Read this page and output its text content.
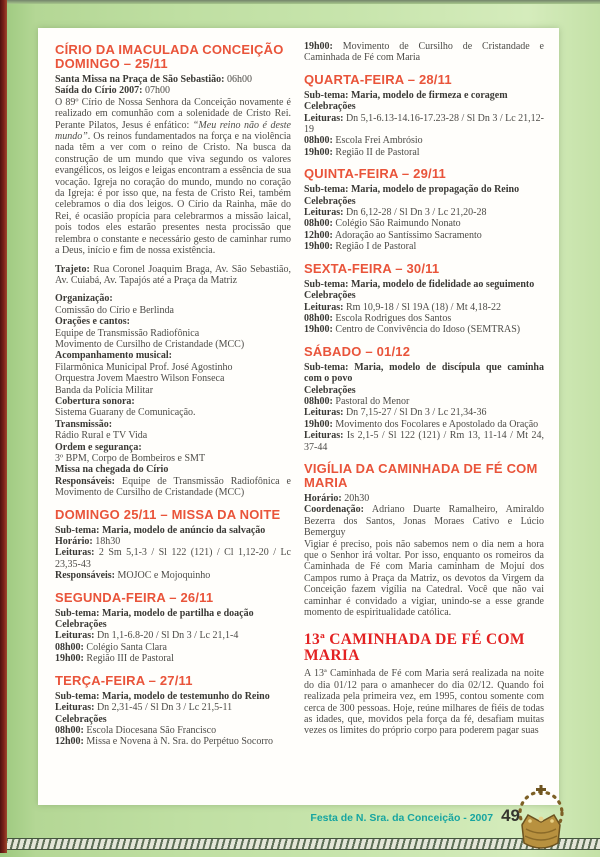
CÍRIO DA IMACULADA CONCEIÇÃO
DOMINGO – 25/11

Santa Missa na Praça de São Sebastião: 06h00

Saída do Círio 2007: 07h00

O 89º Círio de Nossa Senhora da Conceição novamente é realizado em comunhão com a solenidade de Cristo Rei. Perante Pilatos, Jesus é enfático: “Meu reino não é deste mundo”. Os reinos fundamentados na força e na violência nada têm a ver com o reino de Cristo. Na busca da construção de um mundo que viva segundo os valores evangélicos, os leigos e leigas encontram a essência de sua vocação. Igreja no coração do mundo, mundo no coração da Igreja: é por isso que, na festa de Cristo Rei, também celebramos o dia dos leigos. O Círio da Rainha, mãe do Rei, é ocasião propícia para celebrarmos a missão laical, pois todos eles estarão presentes nesta procissão que relembra o constante e necessário gesto de caminhar rumo a Deus, início e fim de nossa existência.

Trajeto: Rua Coronel Joaquim Braga, Av. São Sebastião, Av. Cuiabá, Av. Tapajós até a Praça da Matriz

Organização:

Comissão do Círio e Berlinda

Orações e cantos:

Equipe de Transmissão Radiofônica

Movimento de Cursilho de Cristandade (MCC)

Acompanhamento musical:

Filarmônica Municipal Prof. José Agostinho

Orquestra Jovem Maestro Wilson Fonseca

Banda da Polícia Militar

Cobertura sonora:

Sistema Guarany de Comunicação.

Transmissão:

Rádio Rural e TV Vida

Ordem e segurança:

3º BPM, Corpo de Bombeiros e SMT

Missa na chegada do Círio

Responsáveis: Equipe de Transmissão Radiofônica e Movimento de Cursilho de Cristandade (MCC)

DOMINGO 25/11 – MISSA DA NOITE

Sub-tema: Maria, modelo de anúncio da salvação

Horário: 18h30

Leituras: 2 Sm 5,1-3 / Sl 122 (121) / Cl 1,12-20 / Lc 23,35-43

Responsáveis: MOJOC e Mojoquinho

SEGUNDA-FEIRA – 26/11

Sub-tema: Maria, modelo de partilha e doação

Celebrações

Leituras: Dn 1,1-6.8-20 / Sl Dn 3 / Lc 21,1-4

08h00: Colégio Santa Clara

19h00: Região III de Pastoral

TERÇA-FEIRA – 27/11

Sub-tema: Maria, modelo de testemunho do Reino

Leituras: Dn 2,31-45 / Sl Dn 3 / Lc 21,5-11

Celebrações

08h00: Escola Diocesana São Francisco

12h00: Missa e Novena à N. Sra. do Perpétuo Socorro

19h00: Movimento de Cursilho de Cristandade e Caminhada de Fé com Maria

QUARTA-FEIRA – 28/11

Sub-tema: Maria, modelo de firmeza e coragem

Celebrações

Leituras: Dn 5,1-6.13-14.16-17.23-28 / Sl Dn 3 / Lc 21,12-19

08h00: Escola Frei Ambrósio

19h00: Região II de Pastoral

QUINTA-FEIRA – 29/11

Sub-tema: Maria, modelo de propagação do Reino

Celebrações

Leituras: Dn 6,12-28 / Sl Dn 3 / Lc 21,20-28

08h00: Colégio São Raimundo Nonato

12h00: Adoração ao Santíssimo Sacramento

19h00: Região I de Pastoral

SEXTA-FEIRA – 30/11

Sub-tema: Maria, modelo de fidelidade ao seguimento

Celebrações

Leituras: Rm 10,9-18 / Sl 19A (18) / Mt 4,18-22

08h00: Escola Rodrigues dos Santos

19h00: Centro de Convivência do Idoso (SEMTRAS)

SÁBADO – 01/12

Sub-tema: Maria, modelo de discípula que caminha com o povo

Celebrações

08h00: Pastoral do Menor

Leituras: Dn 7,15-27 / Sl Dn 3 / Lc 21,34-36

19h00: Movimento dos Focolares e Apostolado da Oração

Leituras: Is 2,1-5 / Sl 122 (121) / Rm 13, 11-14 / Mt 24, 37-44

VIGÍLIA DA CAMINHADA DE FÉ COM MARIA

Horário: 20h30

Coordenação: Adriano Duarte Ramalheiro, Amiraldo Bezerra dos Santos, Jonas Moraes Cativo e Lúcio Bemerguy

Vigiar é preciso, pois não sabemos nem o dia nem a hora que o Senhor irá voltar. Por isso, enquanto os romeiros da Caminhada de Fé com Maria caminham de Mojuí dos Campos rumo à Praça da Matriz, os devotos da Virgem da Conceição fazem vigília na Catedral. Você que não vai caminhar é convidado a vigiar, unindo-se a esse grande momento de espiritualidade católica.

13ª CAMINHADA DE FÉ COM MARIA

A 13ª Caminhada de Fé com Maria será realizada na noite do dia 01/12 para o amanhecer do dia 02/12. Quando foi realizada pela primeira vez, em 1995, contou somente com cerca de 300 pessoas. Hoje, reúne milhares de fiéis de todas as idades, que, movidos pela força da fé, desafiam muitas vezes os limites do próprio corpo para poderem pagar suas

Festa de N. Sra. da Conceição - 2007 49
